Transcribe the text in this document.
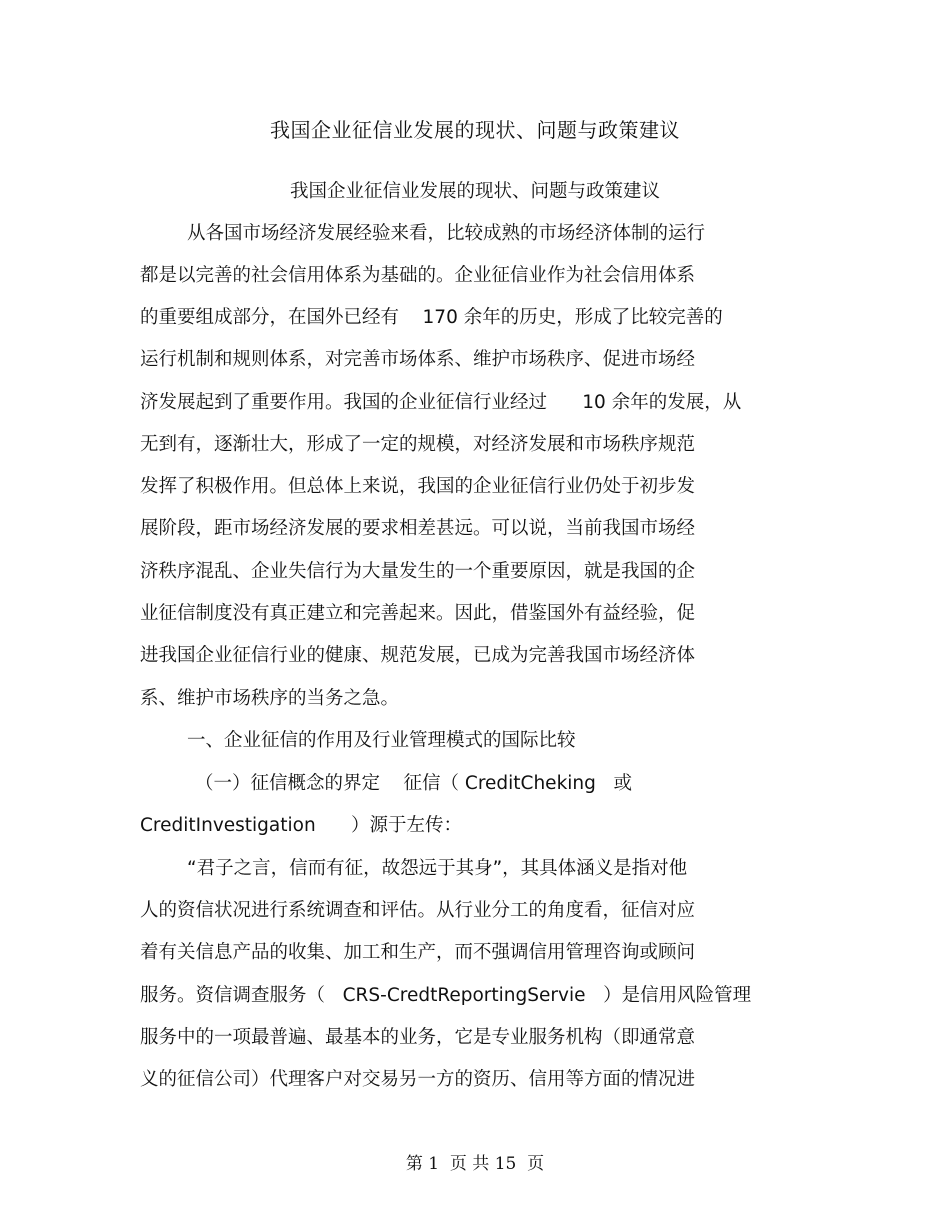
我国企业征信业发展的现状、问题与政策建议
我国企业征信业发展的现状、问题与政策建议
从各国市场经济发展经验来看，比较成熟的市场经济体制的运行
都是以完善的社会信用体系为基础的。企业征信业作为社会信用体系
的重要组成部分，在国外已经有    170 余年的历史，形成了比较完善的
运行机制和规则体系，对完善市场体系、维护市场秩序、促进市场经
济发展起到了重要作用。我国的企业征信行业经过      10 余年的发展，从
无到有，逐渐壮大，形成了一定的规模，对经济发展和市场秩序规范
发挥了积极作用。但总体上来说，我国的企业征信行业仍处于初步发
展阶段，距市场经济发展的要求相差甚远。可以说，当前我国市场经
济秩序混乱、企业失信行为大量发生的一个重要原因，就是我国的企
业征信制度没有真正建立和完善起来。因此，借鉴国外有益经验，促
进我国企业征信行业的健康、规范发展，已成为完善我国市场经济体
系、维护市场秩序的当务之急。
一、企业征信的作用及行业管理模式的国际比较
（一）征信概念的界定    征信（ CreditCheking   或
CreditInvestigation      ）源于左传：
“君子之言，信而有征，故怨远于其身”，其具体涵义是指对他
人的资信状况进行系统调查和评估。从行业分工的角度看，征信对应
着有关信息产品的收集、加工和生产，而不强调信用管理咨询或顾问
服务。资信调查服务（   CRS-CredtReportingServie   ）是信用风险管理
服务中的一项最普遍、最基本的业务，它是专业服务机构（即通常意
义的征信公司）代理客户对交易另一方的资历、信用等方面的情况进
第 1  页 共 15  页
